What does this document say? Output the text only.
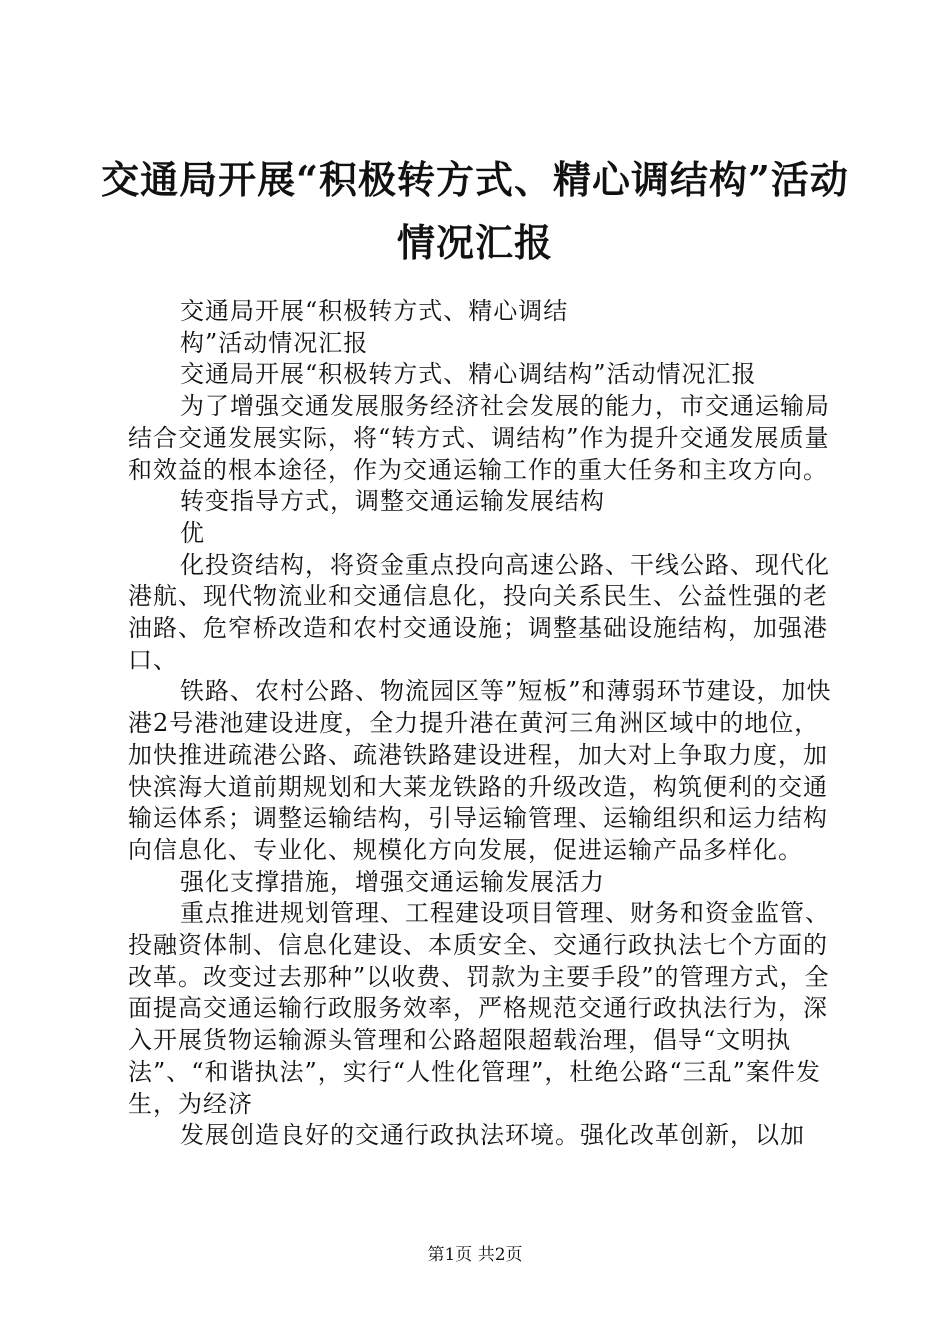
交通局开展“积极转方式、精心调结构”活动
情况汇报

交通局开展“积极转方式、精心调结

构”活动情况汇报

交通局开展“积极转方式、精心调结构”活动情况汇报

为了增强交通发展服务经济社会发展的能力，市交通运输局结合交通发展实际，将“转方式、调结构”作为提升交通发展质量和效益的根本途径，作为交通运输工作的重大任务和主攻方向。

转变指导方式，调整交通运输发展结构

优

化投资结构，将资金重点投向高速公路、干线公路、现代化港航、现代物流业和交通信息化，投向关系民生、公益性强的老油路、危窄桥改造和农村交通设施；调整基础设施结构，加强港口、

铁路、农村公路、物流园区等”短板”和薄弱环节建设，加快港2号港池建设进度，全力提升港在黄河三角洲区域中的地位，加快推进疏港公路、疏港铁路建设进程，加大对上争取力度，加快滨海大道前期规划和大莱龙铁路的升级改造，构筑便利的交通输运体系；调整运输结构，引导运输管理、运输组织和运力结构向信息化、专业化、规模化方向发展，促进运输产品多样化。

强化支撑措施，增强交通运输发展活力

重点推进规划管理、工程建设项目管理、财务和资金监管、投融资体制、信息化建设、本质安全、交通行政执法七个方面的改革。改变过去那种”以收费、罚款为主要手段”的管理方式，全面提高交通运输行政服务效率，严格规范交通行政执法行为，深入开展货物运输源头管理和公路超限超载治理，倡导“文明执法”、“和谐执法”，实行“人性化管理”，杜绝公路“三乱”案件发生，为经济

发展创造良好的交通行政执法环境。强化改革创新，以加

第1页 共2页
